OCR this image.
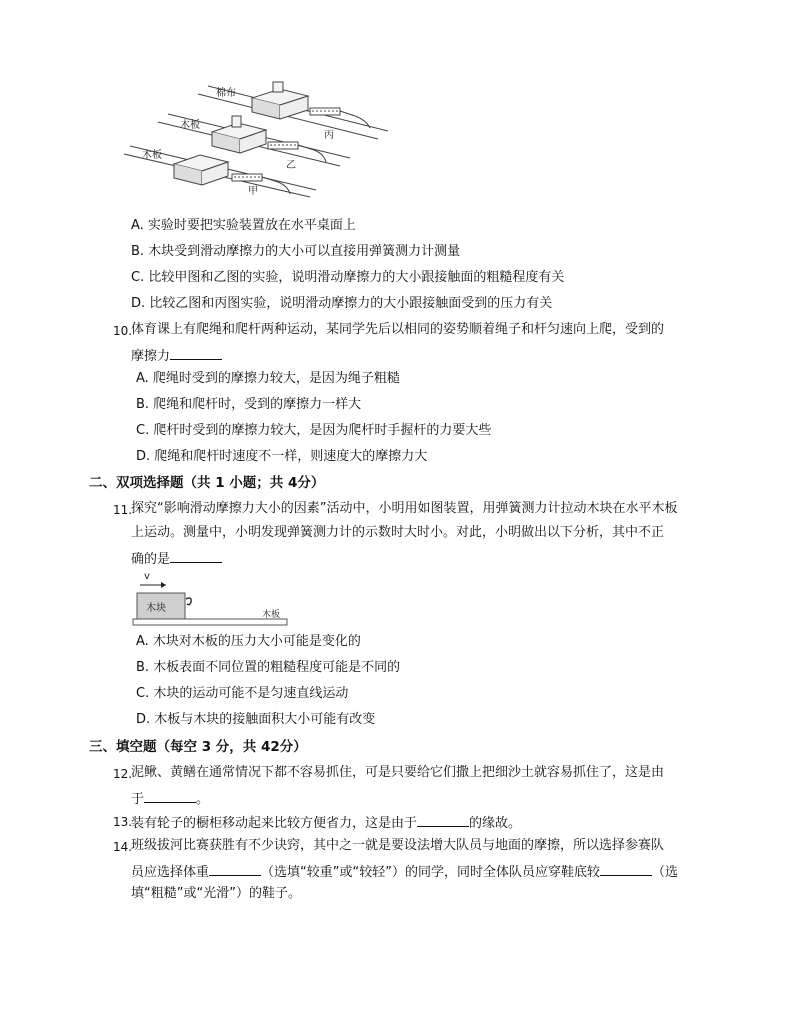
棉布
木板
木板
丙
乙
甲
A. 实验时要把实验装置放在水平桌面上
B. 木块受到滑动摩擦力的大小可以直接用弹簧测力计测量
C. 比较甲图和乙图的实验，说明滑动摩擦力的大小跟接触面的粗糙程度有关
D. 比较乙图和丙图实验，说明滑动摩擦力的大小跟接触面受到的压力有关
10.
体育课上有爬绳和爬杆两种运动，某同学先后以相同的姿势顺着绳子和杆匀速向上爬，受到的
摩擦力
A. 爬绳时受到的摩擦力较大，是因为绳子粗糙
B. 爬绳和爬杆时，受到的摩擦力一样大
C. 爬杆时受到的摩擦力较大，是因为爬杆时手握杆的力要大些
D. 爬绳和爬杆时速度不一样，则速度大的摩擦力大
二、双项选择题（共 1 小题；共 4分）
11.
探究“影响滑动摩擦力大小的因素”活动中，小明用如图装置，用弹簧测力计拉动木块在水平木板
上运动。测量中，小明发现弹簧测力计的示数时大时小。对此，小明做出以下分析，其中不正
确的是
v
木块
木板
A. 木块对木板的压力大小可能是变化的
B. 木板表面不同位置的粗糙程度可能是不同的
C. 木块的运动可能不是匀速直线运动
D. 木板与木块的接触面积大小可能有改变
三、填空题（每空 3 分，共 42分）
12.
泥鳅、黄鳝在通常情况下都不容易抓住，可是只要给它们撒上把细沙土就容易抓住了，这是由
于	。
13.
装有轮子的橱柜移动起来比较方便省力，这是由于	的缘故。
14.
班级拔河比赛获胜有不少诀窍，其中之一就是要设法增大队员与地面的摩擦，所以选择参赛队
员应选择体重	（选填“较重”或“较轻”）的同学，同时全体队员应穿鞋底较	（选
填“粗糙”或“光滑”）的鞋子。
